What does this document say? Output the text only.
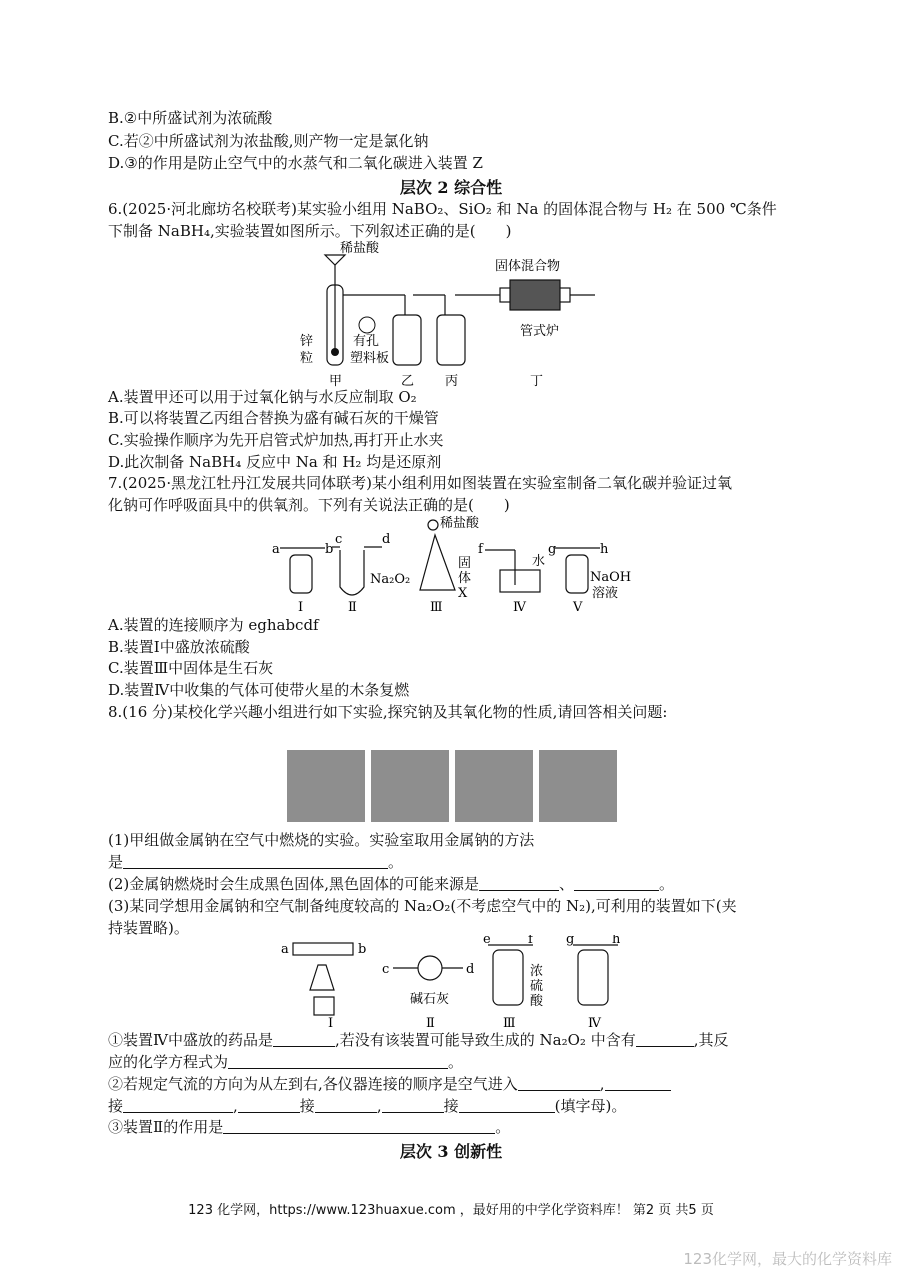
B.②中所盛试剂为浓硫酸
C.若②中所盛试剂为浓盐酸,则产物一定是氯化钠
D.③的作用是防止空气中的水蒸气和二氧化碳进入装置 Z
层次 2 综合性
6.(2025·河北廊坊名校联考)某实验小组用 NaBO₂、SiO₂ 和 Na 的固体混合物与 H₂ 在 500 ℃条件
下制备 NaBH₄,实验装置如图所示。下列叙述正确的是(　　)
稀盐酸
固体混合物
管式炉
锌
粒
有孔
塑料板
甲	乙 丙	丁
A.装置甲还可以用于过氧化钠与水反应制取 O₂
B.可以将装置乙丙组合替换为盛有碱石灰的干燥管
C.实验操作顺序为先开启管式炉加热,再打开止水夹
D.此次制备 NaBH₄ 反应中 Na 和 H₂ 均是还原剂
7.(2025·黑龙江牡丹江发展共同体联考)某小组利用如图装置在实验室制备二氧化碳并验证过氧
化钠可作呼吸面具中的供氧剂。下列有关说法正确的是(　　)
a	b
c	d
稀盐酸
Na₂O₂
固
体
X
f
水
g	h
NaOH
溶液
I	Ⅱ	Ⅲ	Ⅳ	Ⅴ
A.装置的连接顺序为 eghabcdf
B.装置Ⅰ中盛放浓硫酸
C.装置Ⅲ中固体是生石灰
D.装置Ⅳ中收集的气体可使带火星的木条复燃
8.(16 分)某校化学兴趣小组进行如下实验,探究钠及其氧化物的性质,请回答相关问题:
(1)甲组做金属钠在空气中燃烧的实验。实验室取用金属钠的方法
是	。
(2)金属钠燃烧时会生成黑色固体,黑色固体的可能来源是	、	。
(3)某同学想用金属钠和空气制备纯度较高的 Na₂O₂(不考虑空气中的 N₂),可利用的装置如下(夹
持装置略)。
a	b
c	d
碱石灰
e	f
浓
硫
酸
g	h
I	Ⅱ	Ⅲ	Ⅳ
①装置Ⅳ中盛放的药品是	,若没有该装置可能导致生成的 Na₂O₂ 中含有	,其反
应的化学方程式为	。
②若规定气流的方向为从左到右,各仪器连接的顺序是空气进入	,
接	,	接	,	接	(填字母)。
③装置Ⅱ的作用是	。
层次 3 创新性
123 化学网，https://www.123huaxue.com ，最好用的中学化学资料库！ 第2 页 共5 页
123化学网，最大的化学资料库
